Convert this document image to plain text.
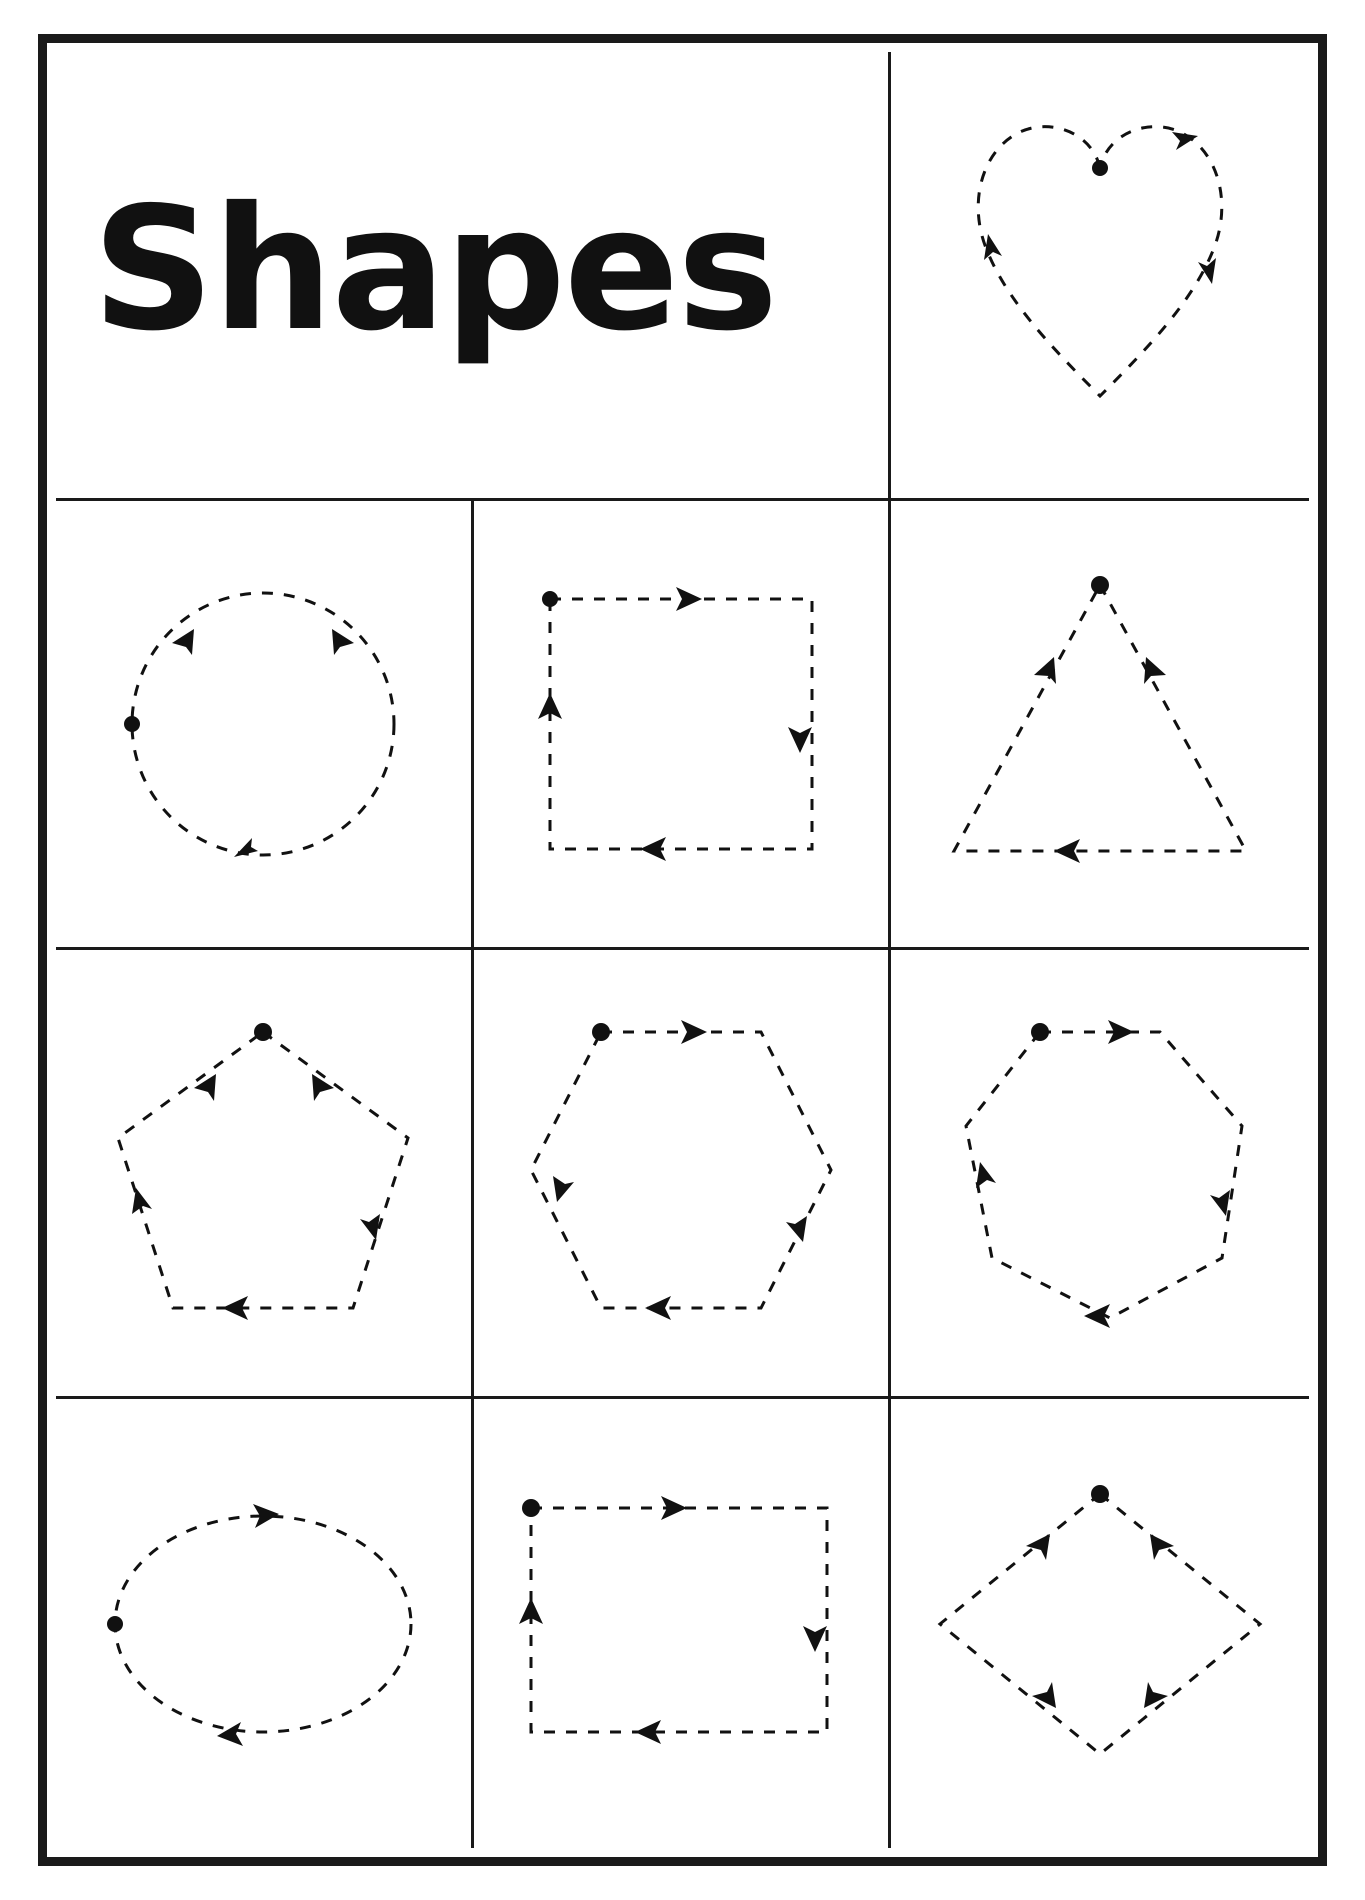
Shapes
